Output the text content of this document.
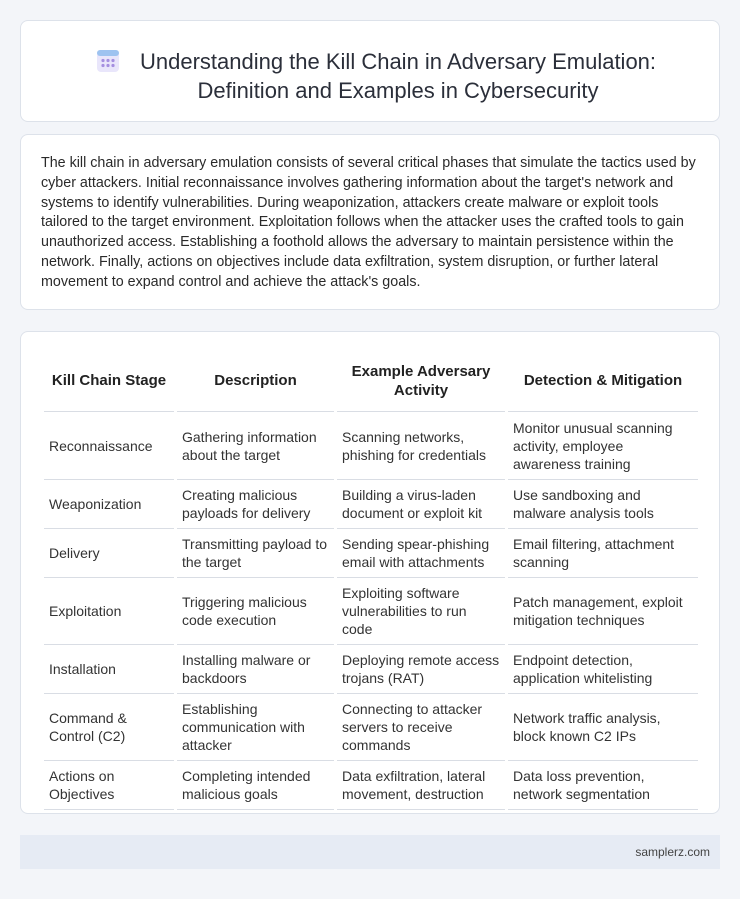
Understanding the Kill Chain in Adversary Emulation:
Definition and Examples in Cybersecurity

The kill chain in adversary emulation consists of several critical phases that simulate the tactics used by cyber attackers. Initial reconnaissance involves gathering information about the target's network and systems to identify vulnerabilities. During weaponization, attackers create malware or exploit tools tailored to the target environment. Exploitation follows when the attacker uses the crafted tools to gain unauthorized access. Establishing a foothold allows the adversary to maintain persistence within the network. Finally, actions on objectives include data exfiltration, system disruption, or further lateral movement to expand control and achieve the attack's goals.

Kill Chain Stage	Description	Example Adversary Activity	Detection & Mitigation
Reconnaissance	Gathering information about the target	Scanning networks, phishing for credentials	Monitor unusual scanning activity, employee awareness training
Weaponization	Creating malicious payloads for delivery	Building a virus-laden document or exploit kit	Use sandboxing and malware analysis tools
Delivery	Transmitting payload to the target	Sending spear-phishing email with attachments	Email filtering, attachment scanning
Exploitation	Triggering malicious code execution	Exploiting software vulnerabilities to run code	Patch management, exploit mitigation techniques
Installation	Installing malware or backdoors	Deploying remote access trojans (RAT)	Endpoint detection, application whitelisting
Command & Control (C2)	Establishing communication with attacker	Connecting to attacker servers to receive commands	Network traffic analysis, block known C2 IPs
Actions on Objectives	Completing intended malicious goals	Data exfiltration, lateral movement, destruction	Data loss prevention, network segmentation
samplerz.com
